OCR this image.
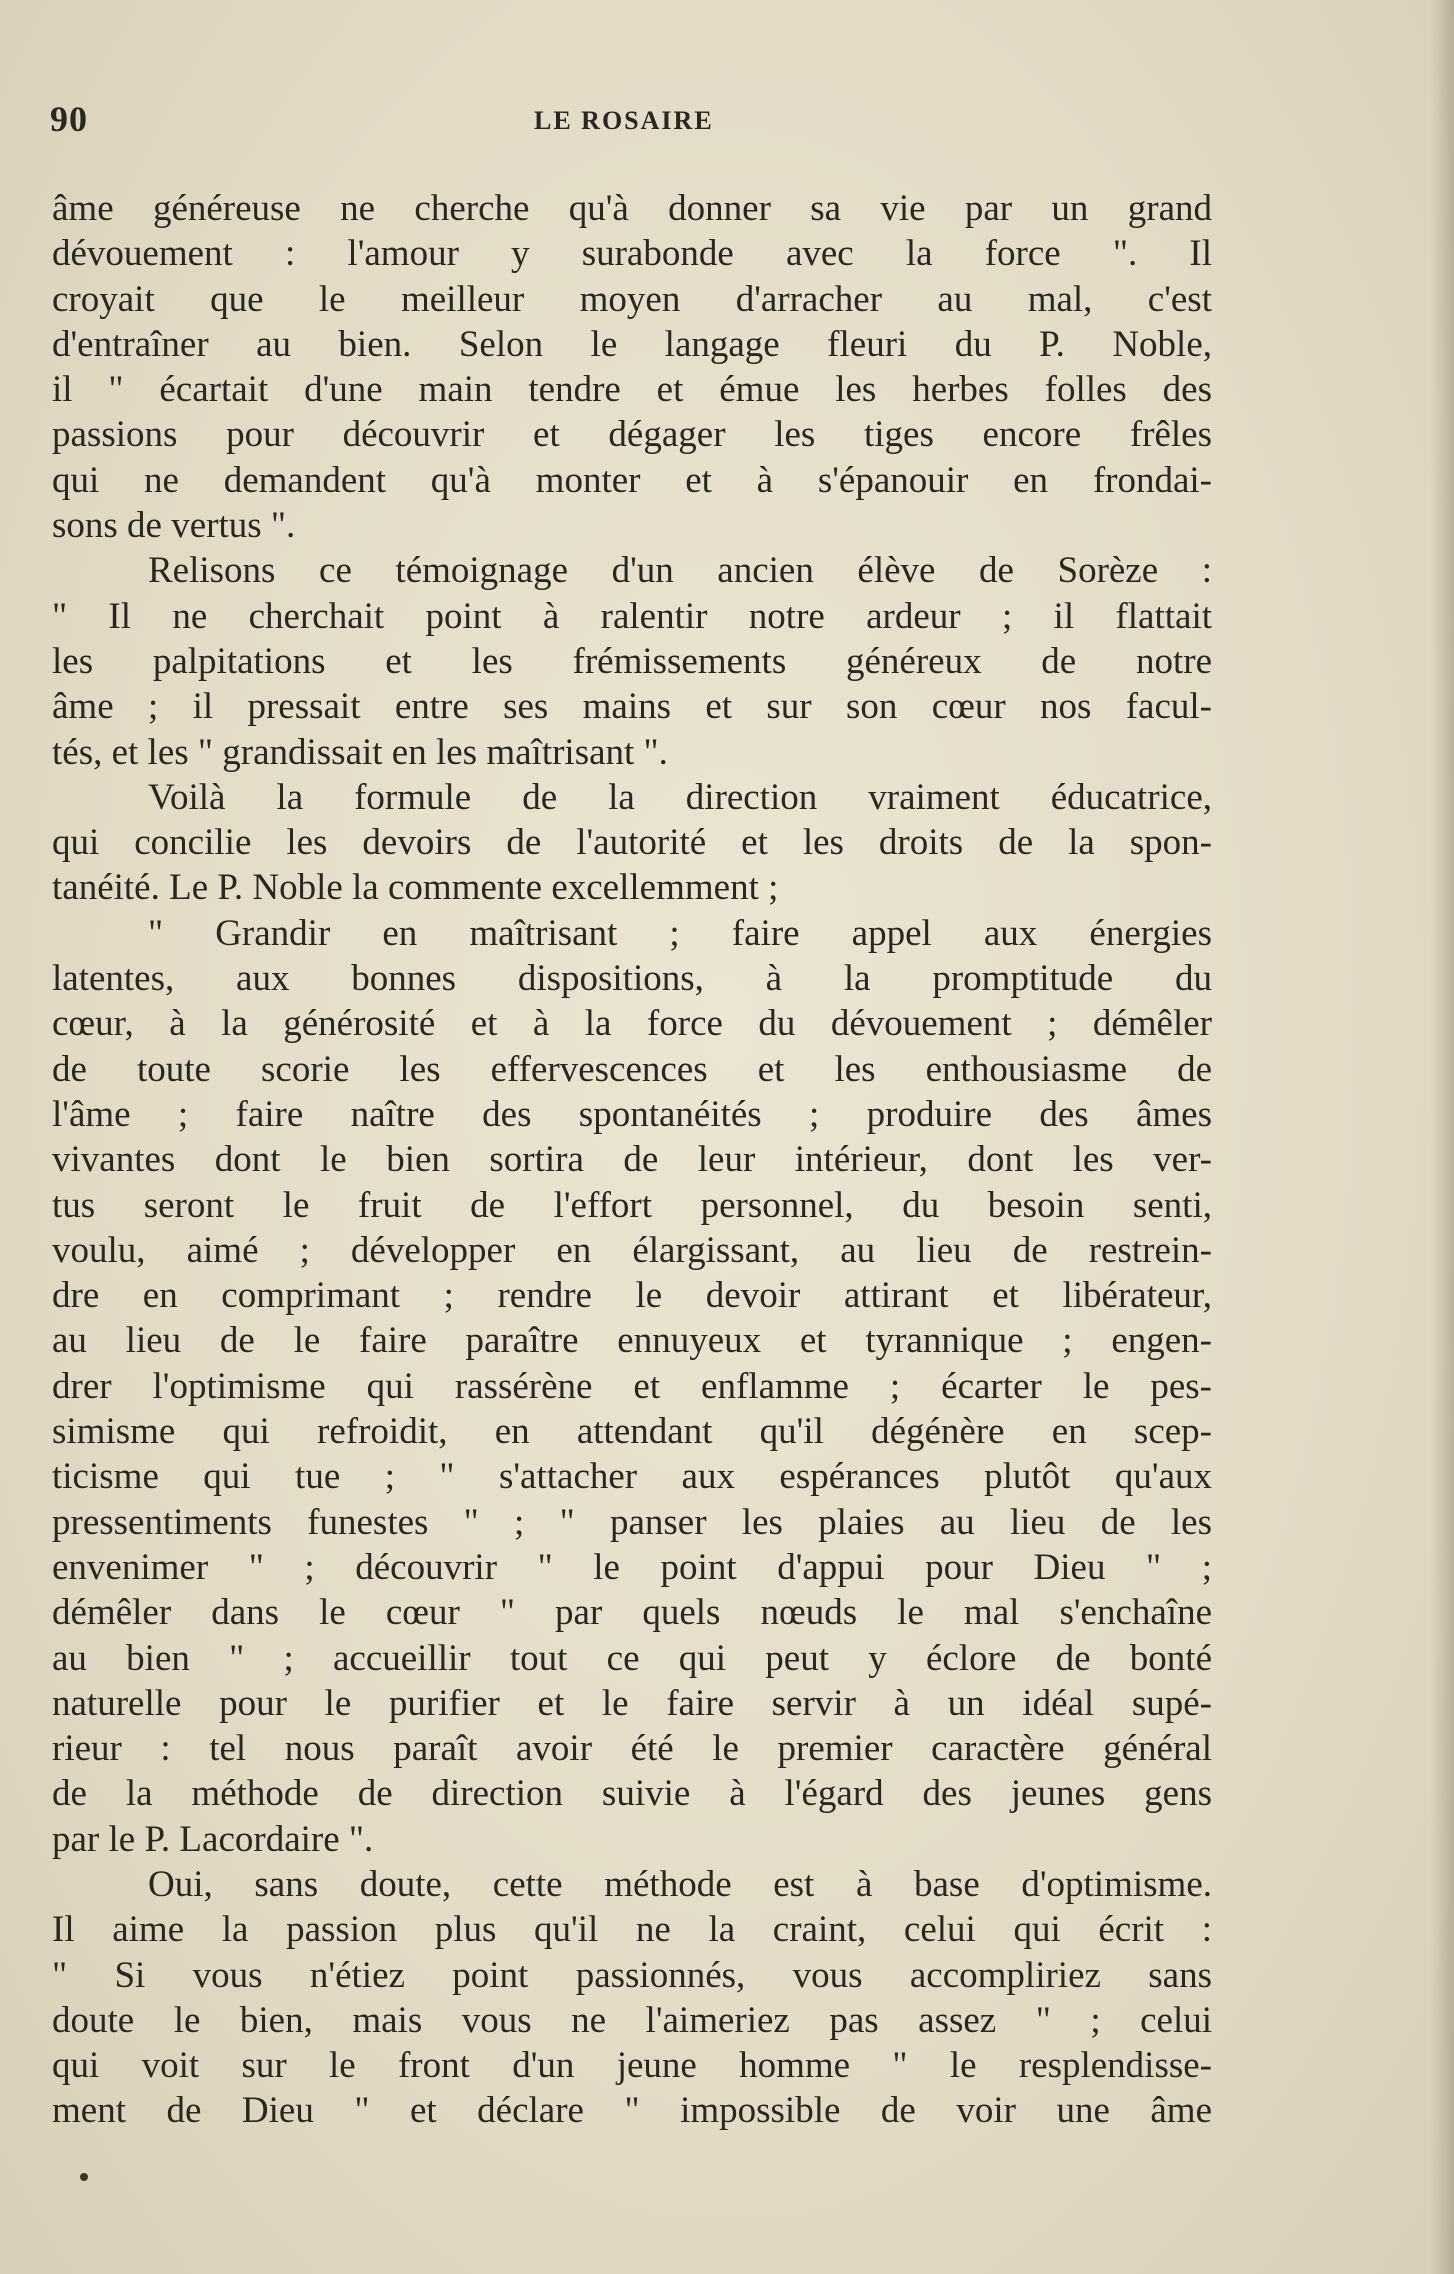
90	LE ROSAIRE
âme généreuse ne cherche qu'à donner sa vie par un grand
dévouement : l'amour y surabonde avec la force ". Il
croyait que le meilleur moyen d'arracher au mal, c'est
d'entraîner au bien. Selon le langage fleuri du P. Noble,
il " écartait d'une main tendre et émue les herbes folles des
passions pour découvrir et dégager les tiges encore frêles
qui ne demandent qu'à monter et à s'épanouir en frondai-
sons de vertus ".
Relisons ce témoignage d'un ancien élève de Sorèze :
" Il ne cherchait point à ralentir notre ardeur ; il flattait
les palpitations et les frémissements généreux de notre
âme ; il pressait entre ses mains et sur son cœur nos facul-
tés, et les " grandissait en les maîtrisant ".
Voilà la formule de la direction vraiment éducatrice,
qui concilie les devoirs de l'autorité et les droits de la spon-
tanéité. Le P. Noble la commente excellemment ;
" Grandir en maîtrisant ; faire appel aux énergies
latentes, aux bonnes dispositions, à la promptitude du
cœur, à la générosité et à la force du dévouement ; démêler
de toute scorie les effervescences et les enthousiasme de
l'âme ; faire naître des spontanéités ; produire des âmes
vivantes dont le bien sortira de leur intérieur, dont les ver-
tus seront le fruit de l'effort personnel, du besoin senti,
voulu, aimé ; développer en élargissant, au lieu de restrein-
dre en comprimant ; rendre le devoir attirant et libérateur,
au lieu de le faire paraître ennuyeux et tyrannique ; engen-
drer l'optimisme qui rassérène et enflamme ; écarter le pes-
simisme qui refroidit, en attendant qu'il dégénère en scep-
ticisme qui tue ; " s'attacher aux espérances plutôt qu'aux
pressentiments funestes " ; " panser les plaies au lieu de les
envenimer " ; découvrir " le point d'appui pour Dieu " ;
démêler dans le cœur " par quels nœuds le mal s'enchaîne
au bien " ; accueillir tout ce qui peut y éclore de bonté
naturelle pour le purifier et le faire servir à un idéal supé-
rieur : tel nous paraît avoir été le premier caractère général
de la méthode de direction suivie à l'égard des jeunes gens
par le P. Lacordaire ".
Oui, sans doute, cette méthode est à base d'optimisme.
Il aime la passion plus qu'il ne la craint, celui qui écrit :
" Si vous n'étiez point passionnés, vous accompliriez sans
doute le bien, mais vous ne l'aimeriez pas assez " ; celui
qui voit sur le front d'un jeune homme " le resplendisse-
ment de Dieu " et déclare " impossible de voir une âme
